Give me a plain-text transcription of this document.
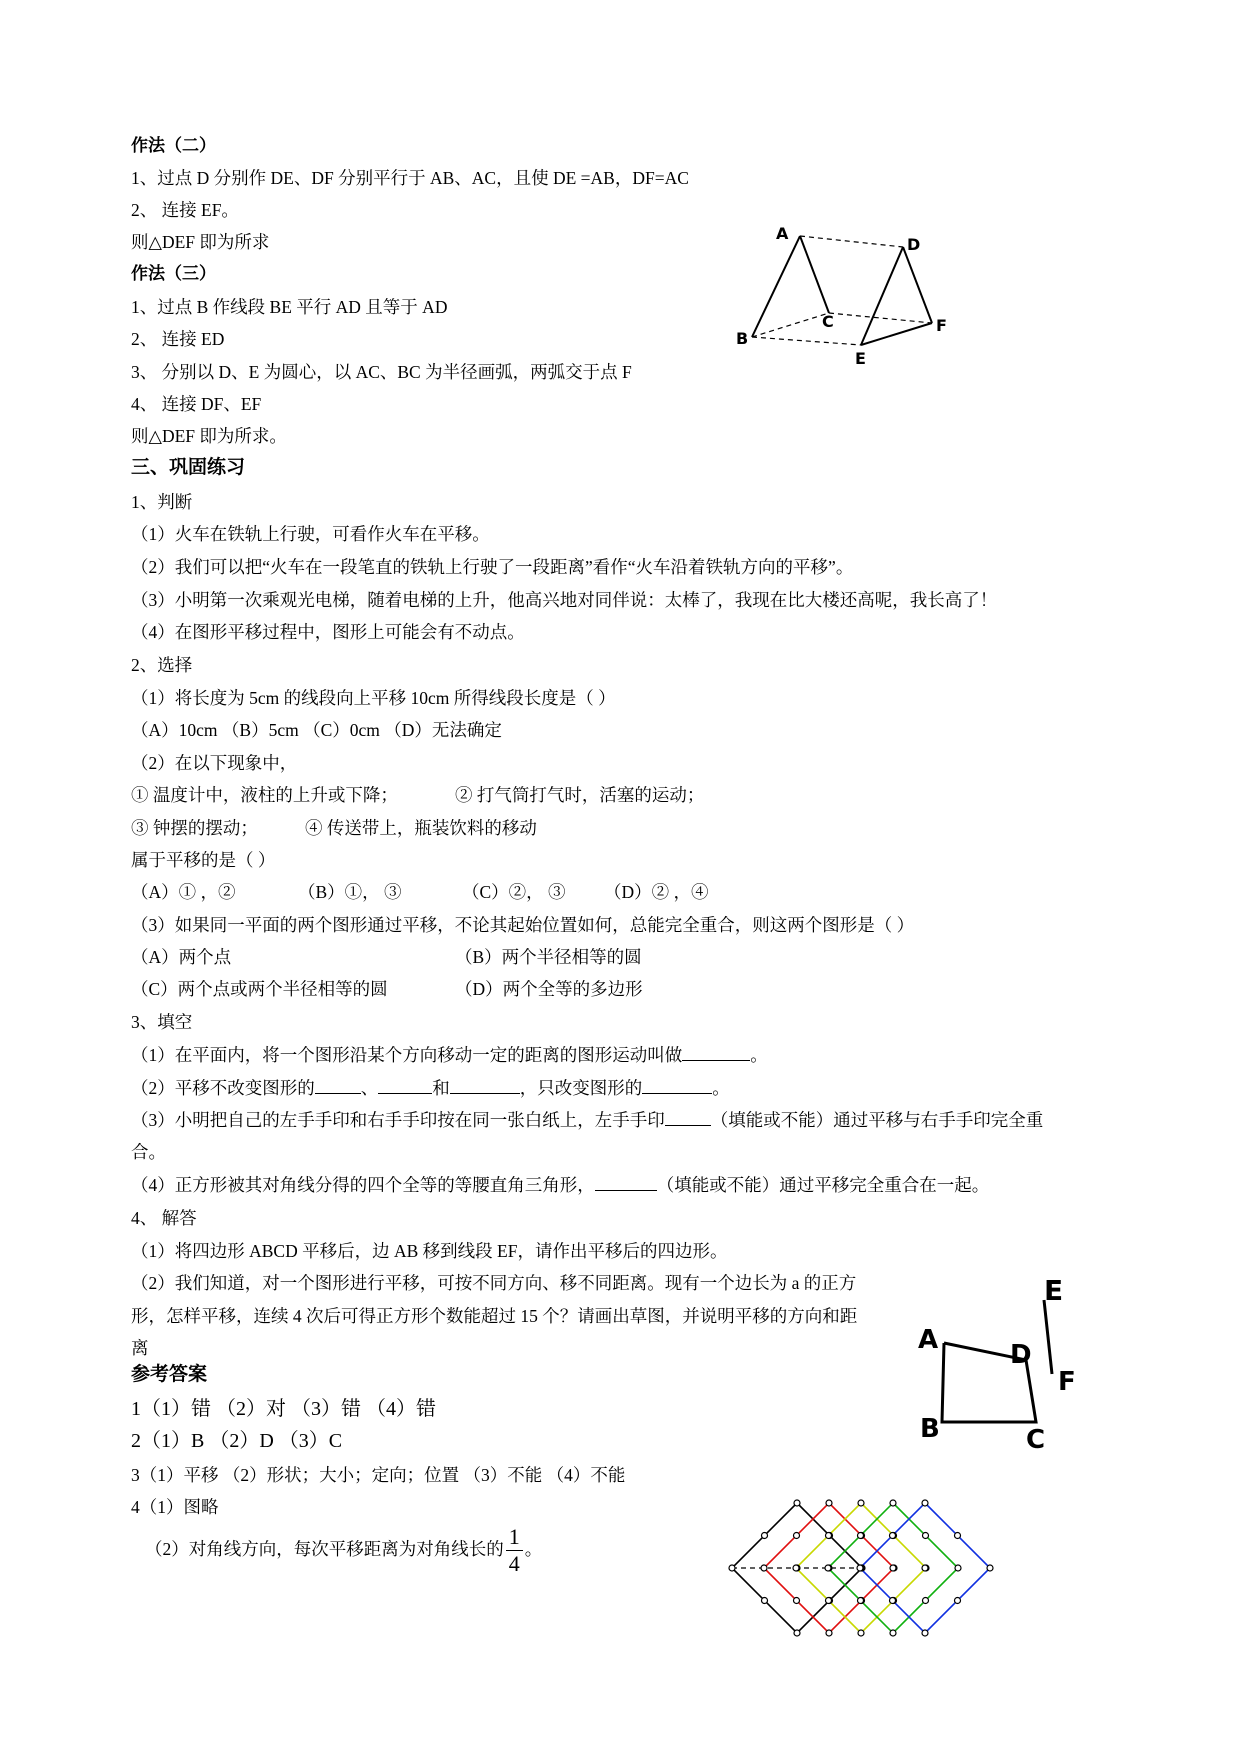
作法（二）
1、过点 D 分别作 DE、DF 分别平行于 AB、AC，且使 DE =AB，DF=AC
2、 连接 EF。
则△DEF 即为所求
作法（三）
1、过点 B 作线段 BE 平行 AD 且等于 AD
2、 连接 ED
3、 分别以 D、E 为圆心，以 AC、BC 为半径画弧，两弧交于点 F
4、 连接 DF、EF
则△DEF 即为所求。
A
D
C	F
B
E
三、巩固练习
1、判断
（1）火车在铁轨上行驶，可看作火车在平移。
（2）我们可以把“火车在一段笔直的铁轨上行驶了一段距离”看作“火车沿着铁轨方向的平移”。
（3）小明第一次乘观光电梯，随着电梯的上升，他高兴地对同伴说：太棒了，我现在比大楼还高呢，我长高了！
（4）在图形平移过程中，图形上可能会有不动点。
2、选择
（1）将长度为 5cm 的线段向上平移 10cm 所得线段长度是（ ）
（A）10cm （B）5cm （C）0cm （D）无法确定
（2）在以下现象中，
① 温度计中，液柱的上升或下降；	② 打气筒打气时，活塞的运动；
③ 钟摆的摆动；	④ 传送带上，瓶装饮料的移动
属于平移的是（ ）
（A）① ，②	（B）①， ③	（C）②， ③ （D）② ，④
（3）如果同一平面的两个图形通过平移，不论其起始位置如何，总能完全重合，则这两个图形是（ ）
（A）两个点	（B）两个半径相等的圆
（C）两个点或两个半径相等的圆	（D）两个全等的多边形
3、填空
（1）在平面内，将一个图形沿某个方向移动一定的距离的图形运动叫做	。
（2）平移不改变图形的	、	和	，只改变图形的	。
（3）小明把自己的左手手印和右手手印按在同一张白纸上，左手手印	（填能或不能）通过平移与右手手印完全重
合。
（4）正方形被其对角线分得的四个全等的等腰直角三角形，	（填能或不能）通过平移完全重合在一起。
4、 解答
（1）将四边形 ABCD 平移后，边 AB 移到线段 EF，请作出平移后的四边形。
（2）我们知道，对一个图形进行平移，可按不同方向、移不同距离。现有一个边长为 a 的正方
形，怎样平移，连续 4 次后可得正方形个数能超过 15 个？请画出草图，并说明平移的方向和距
离
E
A	D
F
B	C
参考答案
1（1）错 （2）对 （3）错 （4）错
2（1）B （2）D （3）C
3（1）平移 （2）形状；大小；定向；位置 （3）不能 （4）不能
4（1）图略
（2）对角线方向，每次平移距离为对角线长的 $\frac{1}{4}$ 。
